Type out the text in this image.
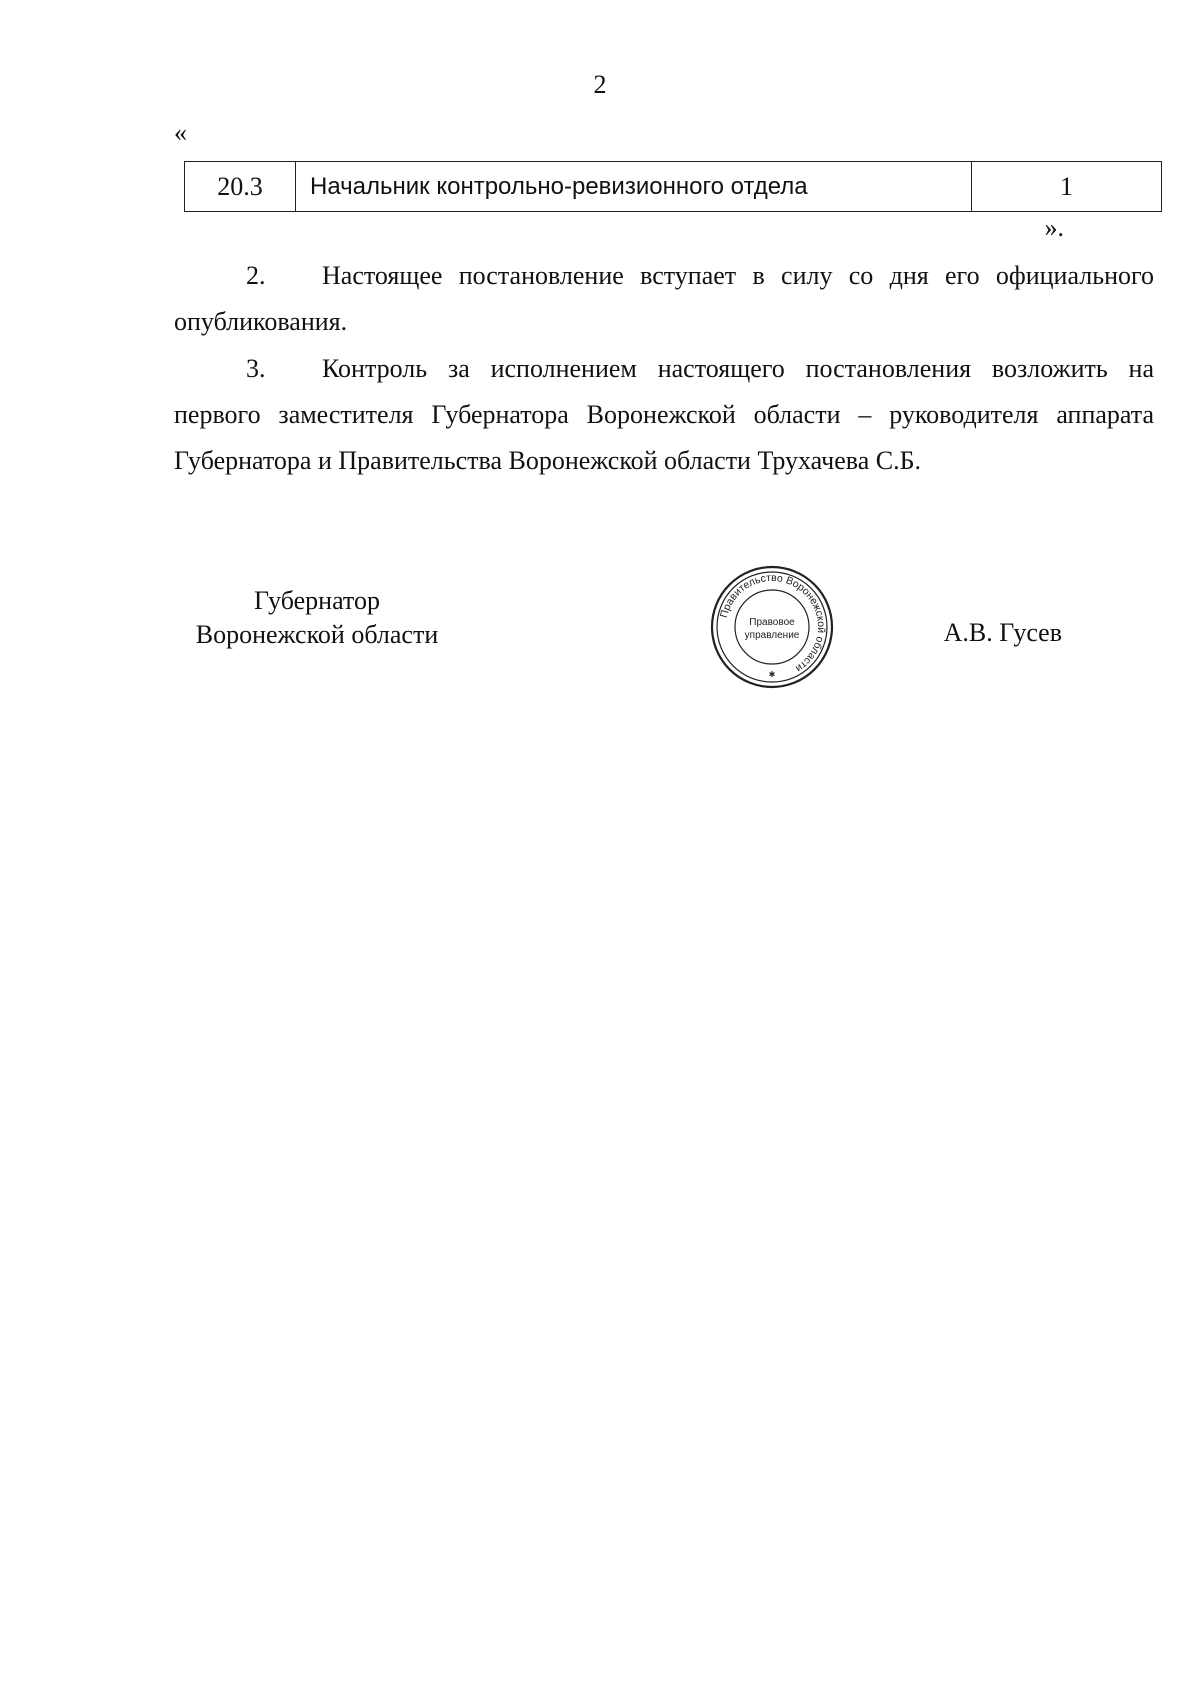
2
«
20.3	Начальник контрольно-ревизионного отдела	1
».
2. Настоящее постановление вступает в силу со дня его официального опубликования.
3. Контроль за исполнением настоящего постановления возложить на первого заместителя Губернатора Воронежской области – руководителя аппарата Губернатора и Правительства Воронежской области Трухачева С.Б.
Губернатор
Воронежской области
Правительство Воронежской области
Правовое
управление
✱
А.В. Гусев
